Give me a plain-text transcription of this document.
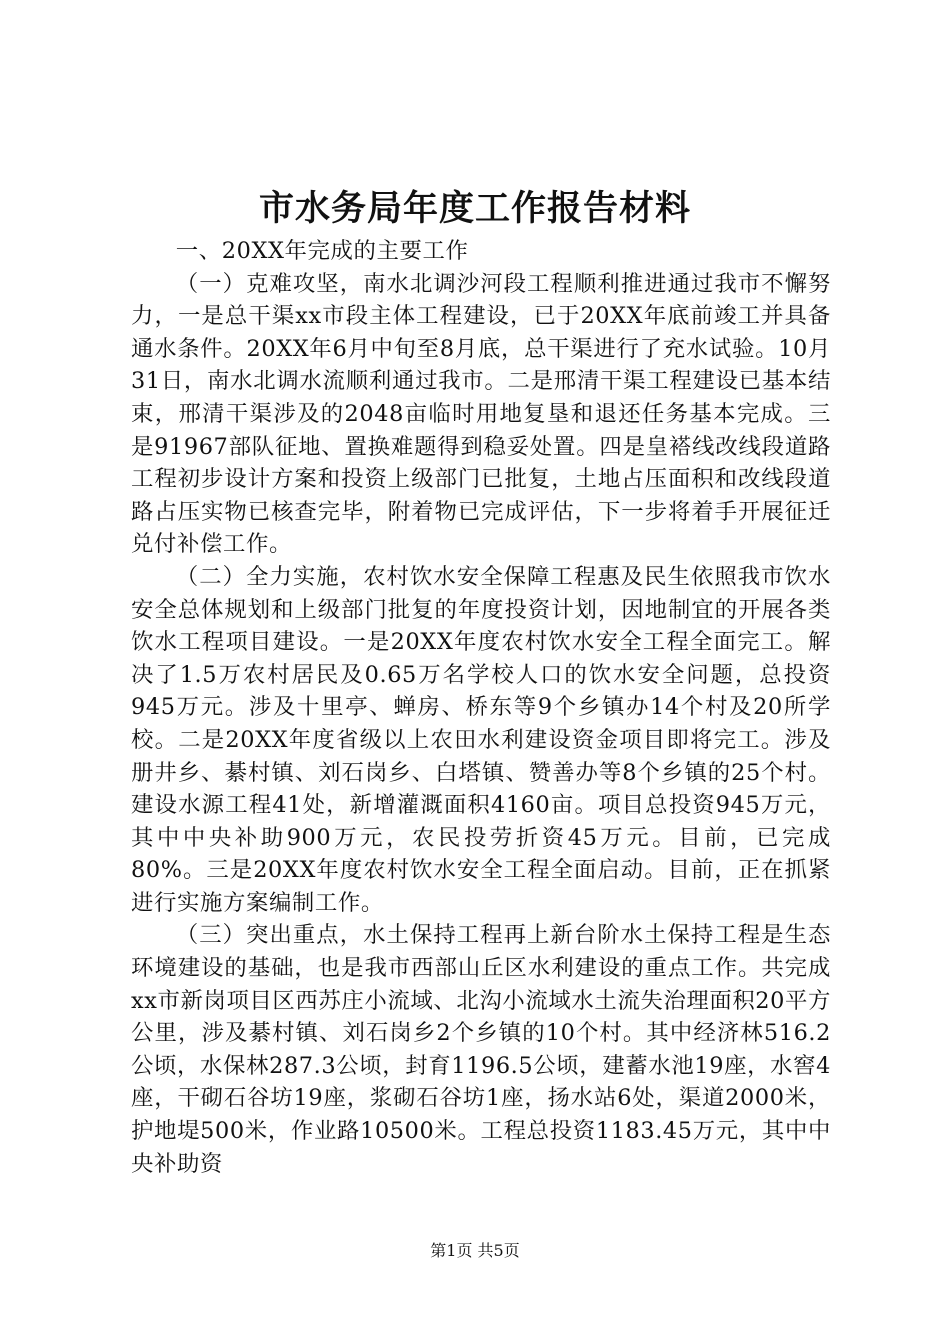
市水务局年度工作报告材料

一、20XX年完成的主要工作

（一）克难攻坚，南水北调沙河段工程顺利推进通过我市不懈努力，一是总干渠xx市段主体工程建设，已于20XX年底前竣工并具备通水条件。20XX年6月中旬至8月底，总干渠进行了充水试验。10月31日，南水北调水流顺利通过我市。二是邢清干渠工程建设已基本结束，邢清干渠涉及的2048亩临时用地复垦和退还任务基本完成。三是91967部队征地、置换难题得到稳妥处置。四是皇褡线改线段道路工程初步设计方案和投资上级部门已批复，土地占压面积和改线段道路占压实物已核查完毕，附着物已完成评估，下一步将着手开展征迁兑付补偿工作。

（二）全力实施，农村饮水安全保障工程惠及民生依照我市饮水安全总体规划和上级部门批复的年度投资计划，因地制宜的开展各类饮水工程项目建设。一是20XX年度农村饮水安全工程全面完工。解决了1.5万农村居民及0.65万名学校人口的饮水安全问题，总投资945万元。涉及十里亭、蝉房、桥东等9个乡镇办14个村及20所学校。二是20XX年度省级以上农田水利建设资金项目即将完工。涉及册井乡、綦村镇、刘石岗乡、白塔镇、赞善办等8个乡镇的25个村。建设水源工程41处，新增灌溉面积4160亩。项目总投资945万元，其中中央补助900万元，农民投劳折资45万元。目前，已完成80%。三是20XX年度农村饮水安全工程全面启动。目前，正在抓紧进行实施方案编制工作。

（三）突出重点，水土保持工程再上新台阶水土保持工程是生态环境建设的基础，也是我市西部山丘区水利建设的重点工作。共完成xx市新岗项目区西苏庄小流域、北沟小流域水土流失治理面积20平方公里，涉及綦村镇、刘石岗乡2个乡镇的10个村。其中经济林516.2公顷，水保林287.3公顷，封育1196.5公顷，建蓄水池19座，水窖4座，干砌石谷坊19座，浆砌石谷坊1座，扬水站6处，渠道2000米，护地堤500米，作业路10500米。工程总投资1183.45万元，其中中央补助资

第1页 共5页
